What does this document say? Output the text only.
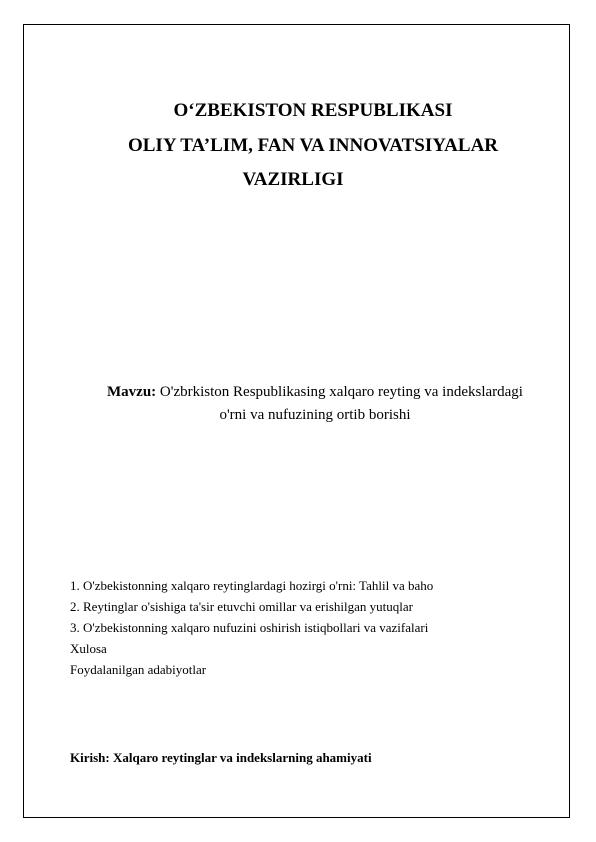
O‘ZBEKISTON RESPUBLIKASI
OLIY TA’LIM, FAN VA INNOVATSIYALAR
VAZIRLIGI
Mavzu: O'zbrkiston Respublikasing xalqaro reyting va indekslardagi
o'rni va nufuzining ortib borishi
1. O'zbekistonning xalqaro reytinglardagi hozirgi o'rni: Tahlil va baho
2. Reytinglar o'sishiga ta'sir etuvchi omillar va erishilgan yutuqlar
3. O'zbekistonning xalqaro nufuzini oshirish istiqbollari va vazifalari
Xulosa
Foydalanilgan adabiyotlar
Kirish: Xalqaro reytinglar va indekslarning ahamiyati
